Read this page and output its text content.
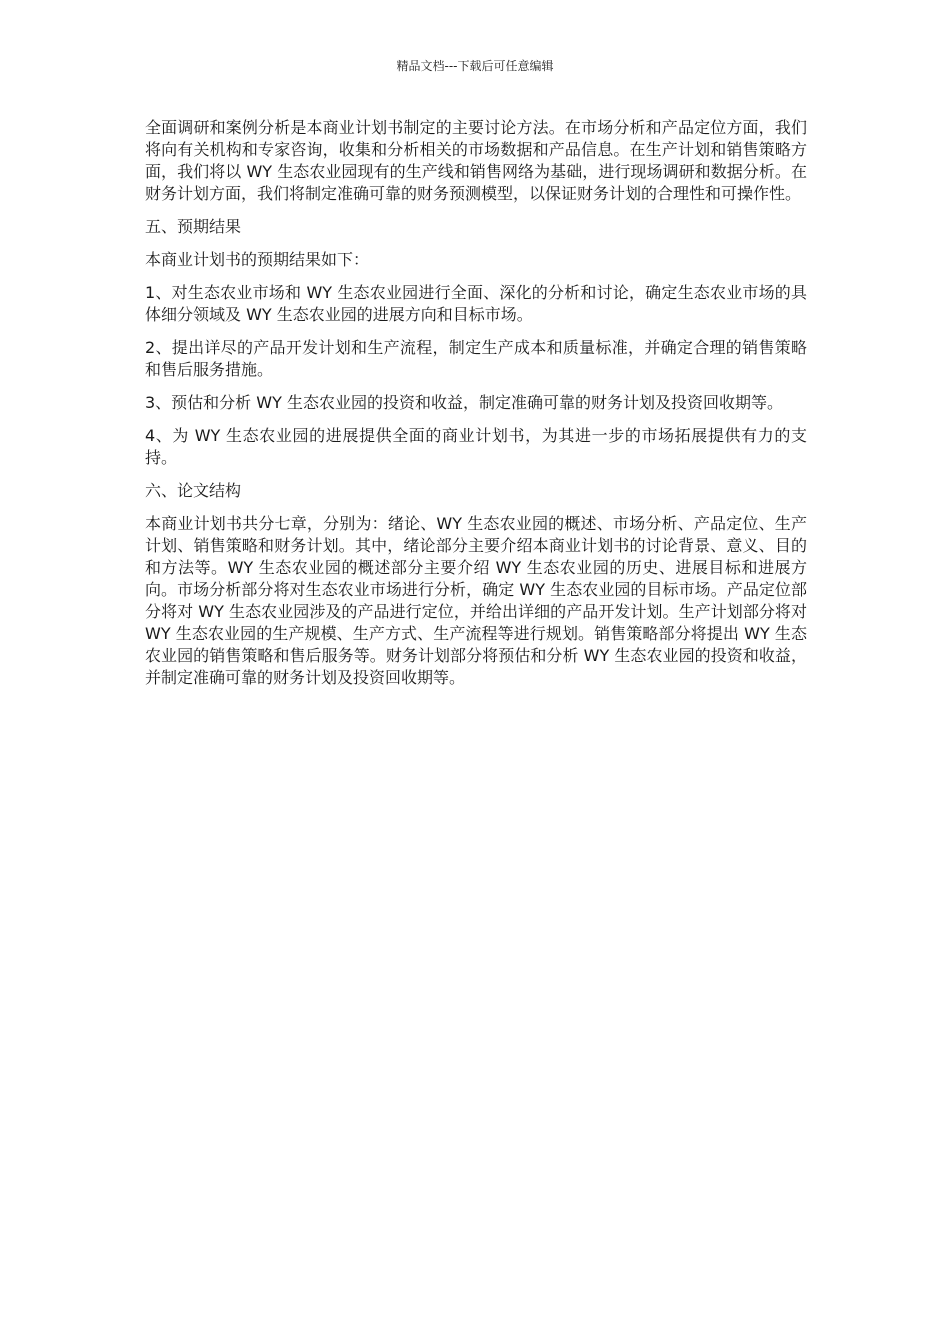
精品文档---下载后可任意编辑

全面调研和案例分析是本商业计划书制定的主要讨论方法。在市场分析和产品定位方面，我们将向有关机构和专家咨询，收集和分析相关的市场数据和产品信息。在生产计划和销售策略方面，我们将以 WY 生态农业园现有的生产线和销售网络为基础，进行现场调研和数据分析。在财务计划方面，我们将制定准确可靠的财务预测模型，以保证财务计划的合理性和可操作性。

五、预期结果

本商业计划书的预期结果如下：

1、对生态农业市场和 WY 生态农业园进行全面、深化的分析和讨论，确定生态农业市场的具体细分领域及 WY 生态农业园的进展方向和目标市场。

2、提出详尽的产品开发计划和生产流程，制定生产成本和质量标准，并确定合理的销售策略和售后服务措施。

3、预估和分析 WY 生态农业园的投资和收益，制定准确可靠的财务计划及投资回收期等。

4、为 WY 生态农业园的进展提供全面的商业计划书，为其进一步的市场拓展提供有力的支持。

六、论文结构

本商业计划书共分七章，分别为：绪论、WY 生态农业园的概述、市场分析、产品定位、生产计划、销售策略和财务计划。其中，绪论部分主要介绍本商业计划书的讨论背景、意义、目的和方法等。WY 生态农业园的概述部分主要介绍 WY 生态农业园的历史、进展目标和进展方向。市场分析部分将对生态农业市场进行分析，确定 WY 生态农业园的目标市场。产品定位部分将对 WY 生态农业园涉及的产品进行定位，并给出详细的产品开发计划。生产计划部分将对 WY 生态农业园的生产规模、生产方式、生产流程等进行规划。销售策略部分将提出 WY 生态农业园的销售策略和售后服务等。财务计划部分将预估和分析 WY 生态农业园的投资和收益，并制定准确可靠的财务计划及投资回收期等。
